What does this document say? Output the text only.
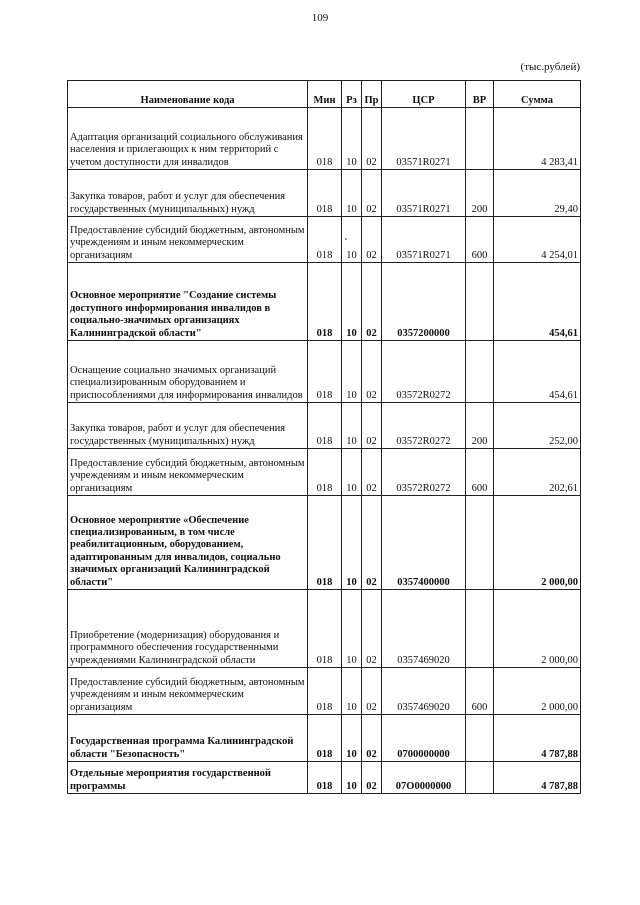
109
(тыс.рублей)
Наименование кода	Мин	Рз	Пр	ЦСР	ВР	Сумма
Адаптация организаций социального обслуживания населения и прилегающих к ним территорий с учетом доступности для инвалидов	018	10	02	03571R0271		4 283,41
Закупка товаров, работ и услуг для обеспечения государственных (муниципальных) нужд	018	10	02	03571R0271	200	29,40
Предоставление субсидий бюджетным, автономным учреждениям и иным некоммерческим организациям	018	10	02	03571R0271	600	4 254,01
Основное мероприятие "Создание системы доступного информирования инвалидов в социально-значимых организациях Калининградской области"	018	10	02	0357200000		454,61
Оснащение социально значимых организаций специализированным оборудованием и приспособлениями для информирования инвалидов	018	10	02	03572R0272		454,61
Закупка товаров, работ и услуг для обеспечения государственных (муниципальных) нужд	018	10	02	03572R0272	200	252,00
Предоставление субсидий бюджетным, автономным учреждениям и иным некоммерческим организациям	018	10	02	03572R0272	600	202,61
Основное мероприятие «Обеспечение специализированным, в том числе реабилитационным, оборудованием, адаптированным для инвалидов, социально значимых организаций Калининградской области"	018	10	02	0357400000		2 000,00
Приобретение (модернизация) оборудования и программного обеспечения государственными учреждениями Калининградской области	018	10	02	0357469020		2 000,00
Предоставление субсидий бюджетным, автономным учреждениям и иным некоммерческим организациям	018	10	02	0357469020	600	2 000,00
Государственная программа Калининградской области "Безопасность"	018	10	02	0700000000		4 787,88
Отдельные мероприятия государственной программы	018	10	02	07О0000000		4 787,88
